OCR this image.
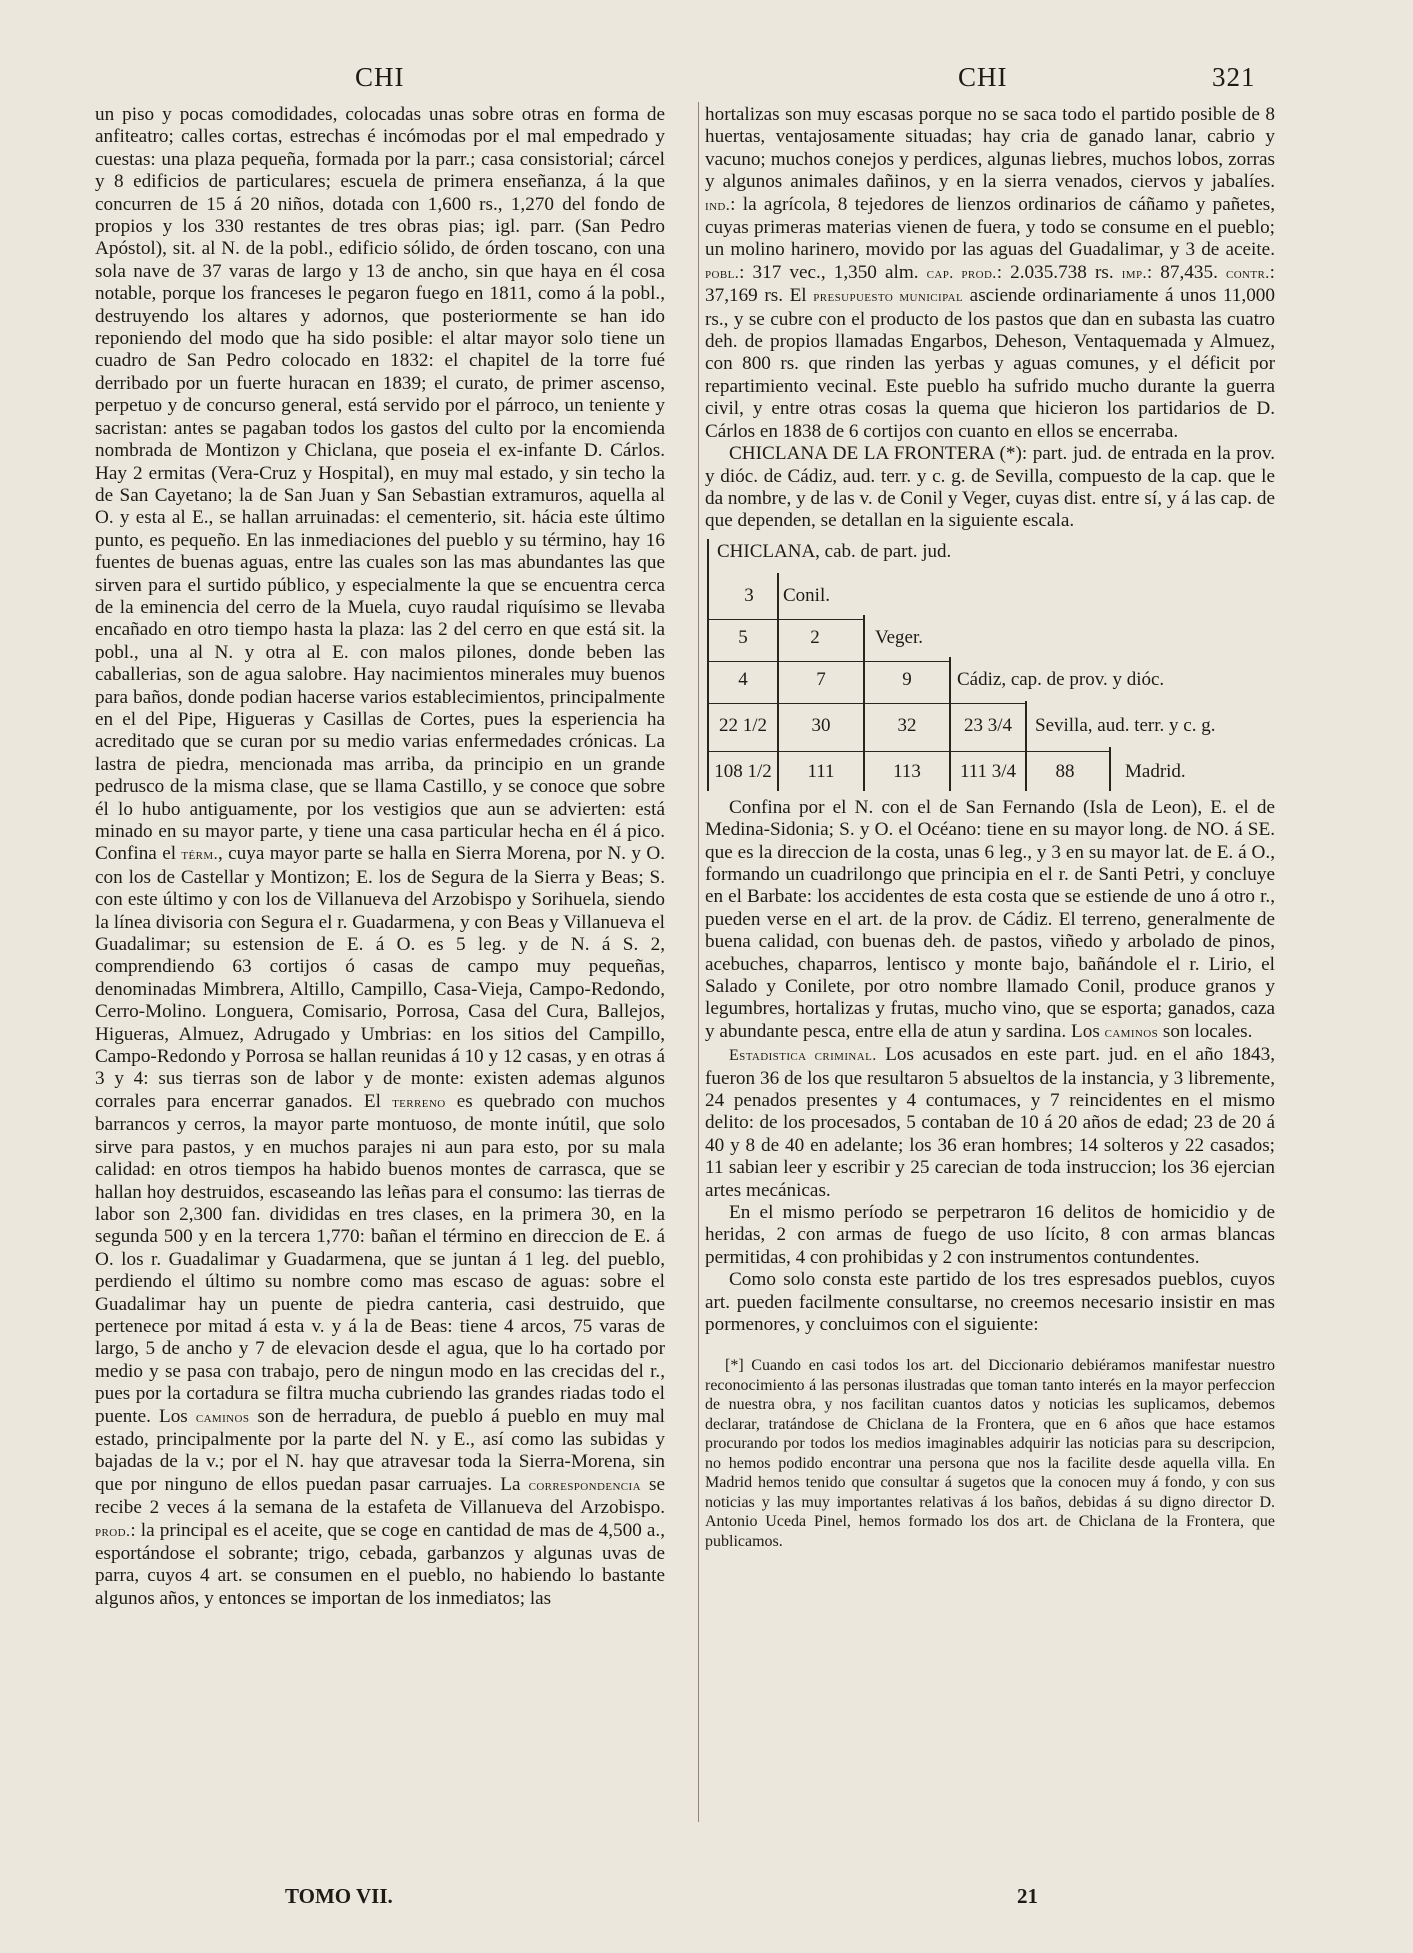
CHI	CHI	321

un piso y pocas comodidades, colocadas unas sobre otras en forma de anfiteatro; calles cortas, estrechas é incómodas por el mal empedrado y cuestas: una plaza pequeña, formada por la parr.; casa consistorial; cárcel y 8 edificios de particulares; escuela de primera enseñanza, á la que concurren de 15 á 20 niños, dotada con 1,600 rs., 1,270 del fondo de propios y los 330 restantes de tres obras pias; igl. parr. (San Pedro Apóstol), sit. al N. de la pobl., edificio sólido, de órden toscano, con una sola nave de 37 varas de largo y 13 de ancho, sin que haya en él cosa notable, porque los franceses le pegaron fuego en 1811, como á la pobl., destruyendo los altares y adornos, que posteriormente se han ido reponiendo del modo que ha sido posible: el altar mayor solo tiene un cuadro de San Pedro colocado en 1832: el chapitel de la torre fué derribado por un fuerte huracan en 1839; el curato, de primer ascenso, perpetuo y de concurso general, está servido por el párroco, un teniente y sacristan: antes se pagaban todos los gastos del culto por la encomienda nombrada de Montizon y Chiclana, que poseia el ex-infante D. Cárlos. Hay 2 ermitas (Vera-Cruz y Hospital), en muy mal estado, y sin techo la de San Cayetano; la de San Juan y San Sebastian extramuros, aquella al O. y esta al E., se hallan arruinadas: el cementerio, sit. hácia este último punto, es pequeño. En las inmediaciones del pueblo y su término, hay 16 fuentes de buenas aguas, entre las cuales son las mas abundantes las que sirven para el surtido público, y especialmente la que se encuentra cerca de la eminencia del cerro de la Muela, cuyo raudal riquísimo se llevaba encañado en otro tiempo hasta la plaza: las 2 del cerro en que está sit. la pobl., una al N. y otra al E. con malos pilones, donde beben las caballerias, son de agua salobre. Hay nacimientos minerales muy buenos para baños, donde podian hacerse varios establecimientos, principalmente en el del Pipe, Higueras y Casillas de Cortes, pues la esperiencia ha acreditado que se curan por su medio varias enfermedades crónicas. La lastra de piedra, mencionada mas arriba, da principio en un grande pedrusco de la misma clase, que se llama Castillo, y se conoce que sobre él lo hubo antiguamente, por los vestigios que aun se advierten: está minado en su mayor parte, y tiene una casa particular hecha en él á pico. Confina el térm., cuya mayor parte se halla en Sierra Morena, por N. y O. con los de Castellar y Montizon; E. los de Segura de la Sierra y Beas; S. con este último y con los de Villanueva del Arzobispo y Sorihuela, siendo la línea divisoria con Segura el r. Guadarmena, y con Beas y Villanueva el Guadalimar; su estension de E. á O. es 5 leg. y de N. á S. 2, comprendiendo 63 cortijos ó casas de campo muy pequeñas, denominadas Mimbrera, Altillo, Campillo, Casa-Vieja, Campo-Redondo, Cerro-Molino. Longuera, Comisario, Porrosa, Casa del Cura, Ballejos, Higueras, Almuez, Adrugado y Umbrias: en los sitios del Campillo, Campo-Redondo y Porrosa se hallan reunidas á 10 y 12 casas, y en otras á 3 y 4: sus tierras son de labor y de monte: existen ademas algunos corrales para encerrar ganados. El terreno es quebrado con muchos barrancos y cerros, la mayor parte montuoso, de monte inútil, que solo sirve para pastos, y en muchos parajes ni aun para esto, por su mala calidad: en otros tiempos ha habido buenos montes de carrasca, que se hallan hoy destruidos, escaseando las leñas para el consumo: las tierras de labor son 2,300 fan. divididas en tres clases, en la primera 30, en la segunda 500 y en la tercera 1,770: bañan el término en direccion de E. á O. los r. Guadalimar y Guadarmena, que se juntan á 1 leg. del pueblo, perdiendo el último su nombre como mas escaso de aguas: sobre el Guadalimar hay un puente de piedra canteria, casi destruido, que pertenece por mitad á esta v. y á la de Beas: tiene 4 arcos, 75 varas de largo, 5 de ancho y 7 de elevacion desde el agua, que lo ha cortado por medio y se pasa con trabajo, pero de ningun modo en las crecidas del r., pues por la cortadura se filtra mucha cubriendo las grandes riadas todo el puente. Los caminos son de herradura, de pueblo á pueblo en muy mal estado, principalmente por la parte del N. y E., así como las subidas y bajadas de la v.; por el N. hay que atravesar toda la Sierra-Morena, sin que por ninguno de ellos puedan pasar carruajes. La correspondencia se recibe 2 veces á la semana de la estafeta de Villanueva del Arzobispo. prod.: la principal es el aceite, que se coge en cantidad de mas de 4,500 a., esportándose el sobrante; trigo, cebada, garbanzos y algunas uvas de parra, cuyos 4 art. se consumen en el pueblo, no habiendo lo bastante algunos años, y entonces se importan de los inmediatos; las

hortalizas son muy escasas porque no se saca todo el partido posible de 8 huertas, ventajosamente situadas; hay cria de ganado lanar, cabrio y vacuno; muchos conejos y perdices, algunas liebres, muchos lobos, zorras y algunos animales dañinos, y en la sierra venados, ciervos y jabalíes. ind.: la agrícola, 8 tejedores de lienzos ordinarios de cáñamo y pañetes, cuyas primeras materias vienen de fuera, y todo se consume en el pueblo; un molino harinero, movido por las aguas del Guadalimar, y 3 de aceite. pobl.: 317 vec., 1,350 alm. cap. prod.: 2.035.738 rs. imp.: 87,435. contr.: 37,169 rs. El presupuesto municipal asciende ordinariamente á unos 11,000 rs., y se cubre con el producto de los pastos que dan en subasta las cuatro deh. de propios llamadas Engarbos, Deheson, Ventaquemada y Almuez, con 800 rs. que rinden las yerbas y aguas comunes, y el déficit por repartimiento vecinal. Este pueblo ha sufrido mucho durante la guerra civil, y entre otras cosas la quema que hicieron los partidarios de D. Cárlos en 1838 de 6 cortijos con cuanto en ellos se encerraba.

CHICLANA DE LA FRONTERA (*): part. jud. de entrada en la prov. y dióc. de Cádiz, aud. terr. y c. g. de Sevilla, compuesto de la cap. que le da nombre, y de las v. de Conil y Veger, cuyas dist. entre sí, y á las cap. de que dependen, se detallan en la siguiente escala.

CHICLANA, cab. de part. jud.
3	Conil.
5	2	Veger.
4	7	9	Cádiz, cap. de prov. y dióc.
22 1/2	30	32	23 3/4	Sevilla, aud. terr. y c. g.
108 1/2	111	113	111 3/4	88	Madrid.

Confina por el N. con el de San Fernando (Isla de Leon), E. el de Medina-Sidonia; S. y O. el Océano: tiene en su mayor long. de NO. á SE. que es la direccion de la costa, unas 6 leg., y 3 en su mayor lat. de E. á O., formando un cuadrilongo que principia en el r. de Santi Petri, y concluye en el Barbate: los accidentes de esta costa que se estiende de uno á otro r., pueden verse en el art. de la prov. de Cádiz. El terreno, generalmente de buena calidad, con buenas deh. de pastos, viñedo y arbolado de pinos, acebuches, chaparros, lentisco y monte bajo, bañándole el r. Lirio, el Salado y Conilete, por otro nombre llamado Conil, produce granos y legumbres, hortalizas y frutas, mucho vino, que se esporta; ganados, caza y abundante pesca, entre ella de atun y sardina. Los caminos son locales.

Estadistica criminal. Los acusados en este part. jud. en el año 1843, fueron 36 de los que resultaron 5 absueltos de la instancia, y 3 libremente, 24 penados presentes y 4 contumaces, y 7 reincidentes en el mismo delito: de los procesados, 5 contaban de 10 á 20 años de edad; 23 de 20 á 40 y 8 de 40 en adelante; los 36 eran hombres; 14 solteros y 22 casados; 11 sabian leer y escribir y 25 carecian de toda instruccion; los 36 ejercian artes mecánicas.

En el mismo período se perpetraron 16 delitos de homicidio y de heridas, 2 con armas de fuego de uso lícito, 8 con armas blancas permitidas, 4 con prohibidas y 2 con instrumentos contundentes.

Como solo consta este partido de los tres espresados pueblos, cuyos art. pueden facilmente consultarse, no creemos necesario insistir en mas pormenores, y concluimos con el siguiente:

[*] Cuando en casi todos los art. del Diccionario debiéramos manifestar nuestro reconocimiento á las personas ilustradas que toman tanto interés en la mayor perfeccion de nuestra obra, y nos facilitan cuantos datos y noticias les suplicamos, debemos declarar, tratándose de Chiclana de la Frontera, que en 6 años que hace estamos procurando por todos los medios imaginables adquirir las noticias para su descripcion, no hemos podido encontrar una persona que nos la facilite desde aquella villa. En Madrid hemos tenido que consultar á sugetos que la conocen muy á fondo, y con sus noticias y las muy importantes relativas á los baños, debidas á su digno director D. Antonio Uceda Pinel, hemos formado los dos art. de Chiclana de la Frontera, que publicamos.

TOMO VII.	21
